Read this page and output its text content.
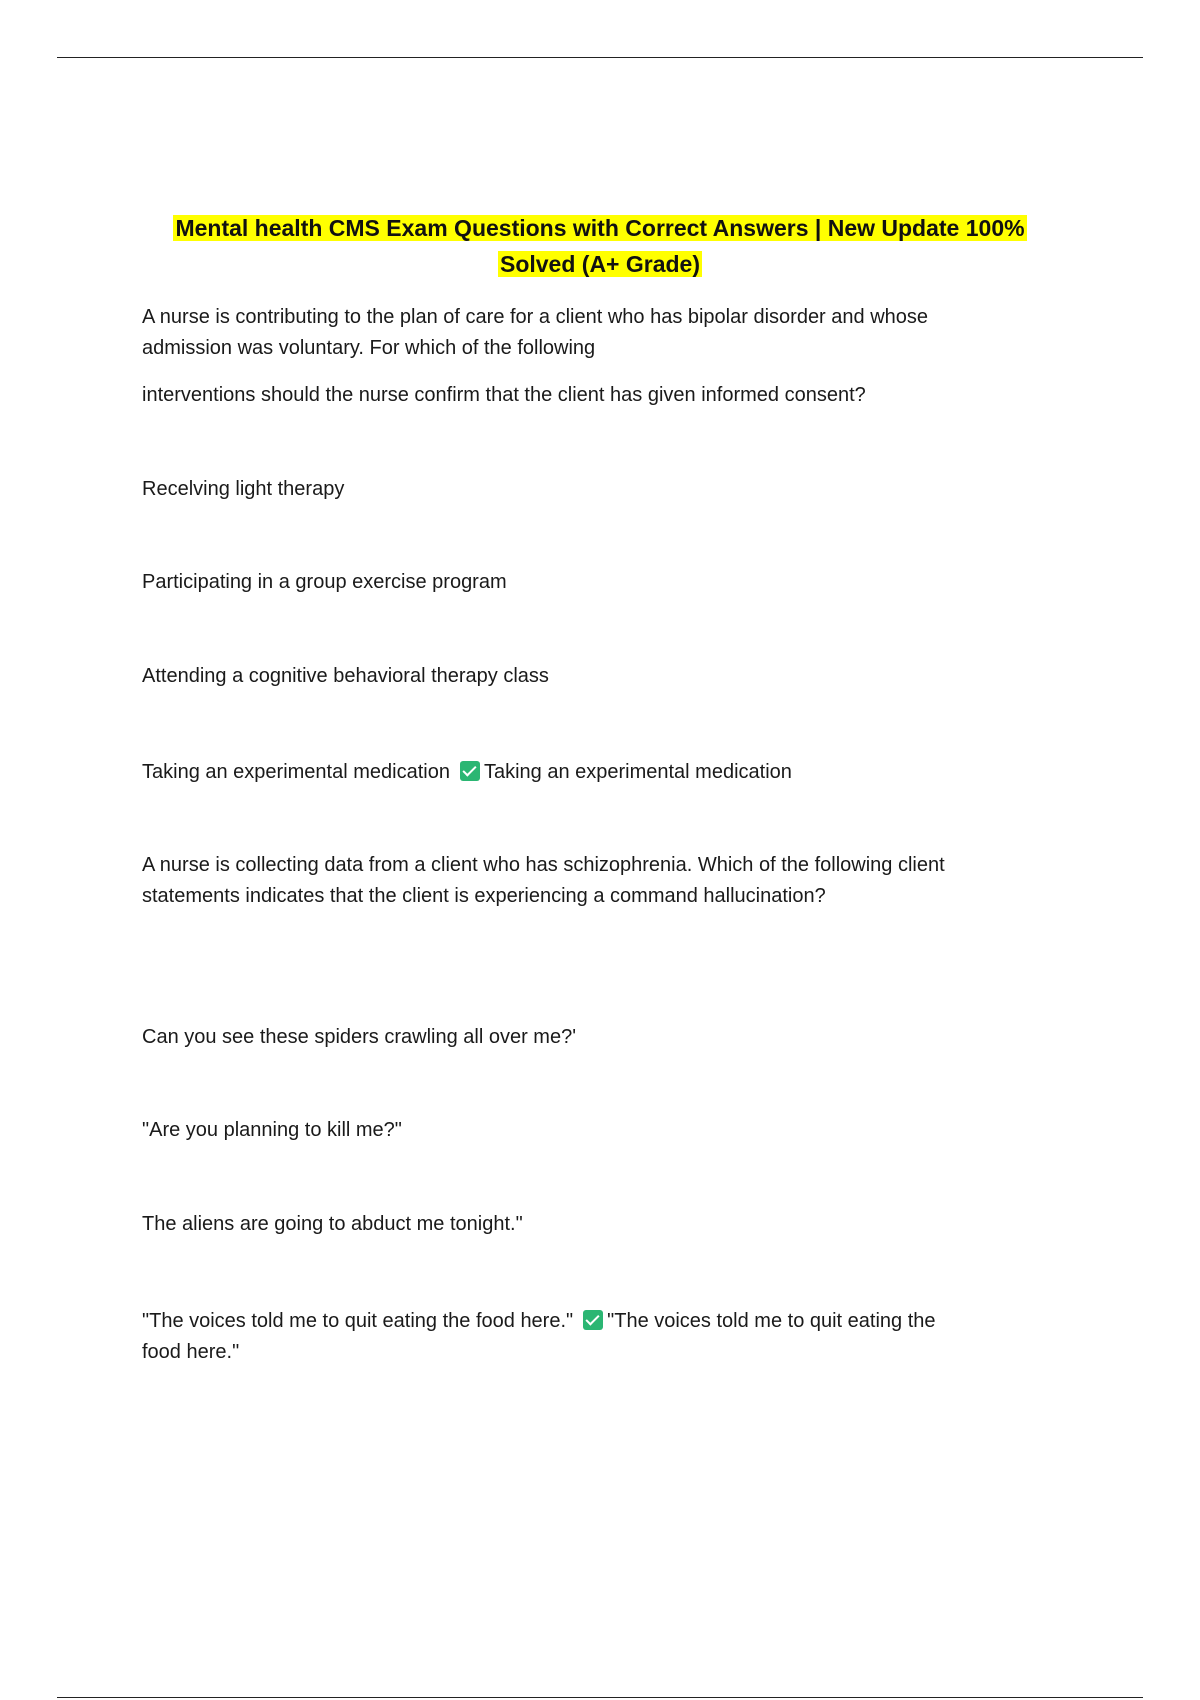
Mental health CMS Exam Questions with Correct Answers | New Update 100%
Solved (A+ Grade)
A nurse is contributing to the plan of care for a client who has bipolar disorder and whose
admission was voluntary. For which of the following
interventions should the nurse confirm that the client has given informed consent?
Recelving light therapy
Participating in a group exercise program
Attending a cognitive behavioral therapy class
Taking an experimental medication Taking an experimental medication
A nurse is collecting data from a client who has schizophrenia. Which of the following client
statements indicates that the client is experiencing a command hallucination?
Can you see these spiders crawling all over me?'
"Are you planning to kill me?"
The aliens are going to abduct me tonight."
"The voices told me to quit eating the food here." "The voices told me to quit eating the
food here."
